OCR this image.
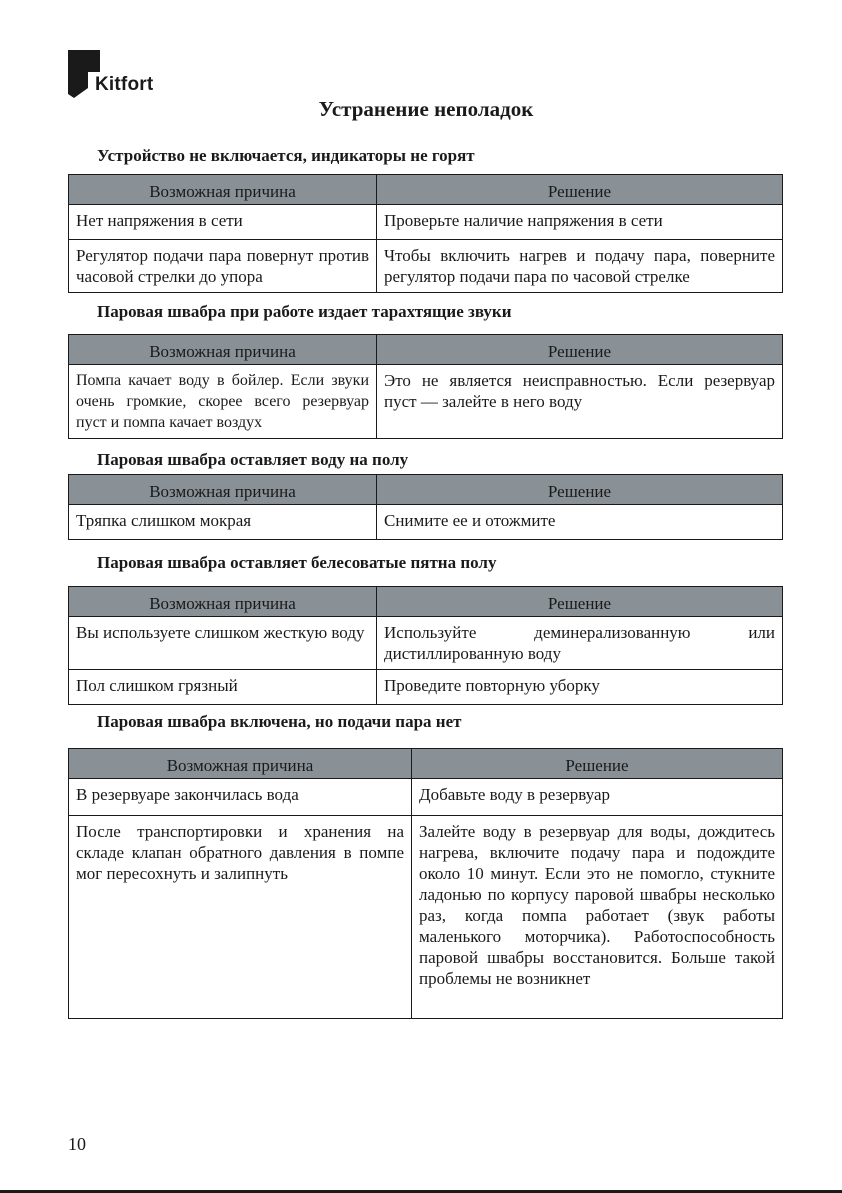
Kitfort
Устранение неполадок
Устройство не включается, индикаторы не горят
Возможная причина	Решение
Нет напряжения в сети	Проверьте наличие напряжения в сети
Регулятор подачи пара повернут против часовой стрелки до упора	Чтобы включить нагрев и подачу пара, поверните регулятор подачи пара по часовой стрелке
Паровая швабра при работе издает тарахтящие звуки
Возможная причина	Решение
Помпа качает воду в бойлер. Если звуки очень громкие, скорее всего резервуар пуст и помпа качает воздух	Это не является неисправностью. Если резервуар пуст — залейте в него воду
Паровая швабра оставляет воду на полу
Возможная причина	Решение
Тряпка слишком мокрая	Снимите ее и отожмите
Паровая швабра оставляет белесоватые пятна полу
Возможная причина	Решение
Вы используете слишком жесткую воду	Используйте деминерализованную или дистиллированную воду
Пол слишком грязный	Проведите повторную уборку
Паровая швабра включена, но подачи пара нет
Возможная причина	Решение
В резервуаре закончилась вода	Добавьте воду в резервуар
После транспортировки и хранения на складе клапан обратного давления в помпе мог пересохнуть и залипнуть	Залейте воду в резервуар для воды, дождитесь нагрева, включите подачу пара и подождите около 10 минут. Если это не помогло, стукните ладонью по корпусу паровой швабры несколько раз, когда помпа работает (звук работы маленького моторчика). Работоспособность паровой швабры восстановится. Больше такой проблемы не возникнет
10
